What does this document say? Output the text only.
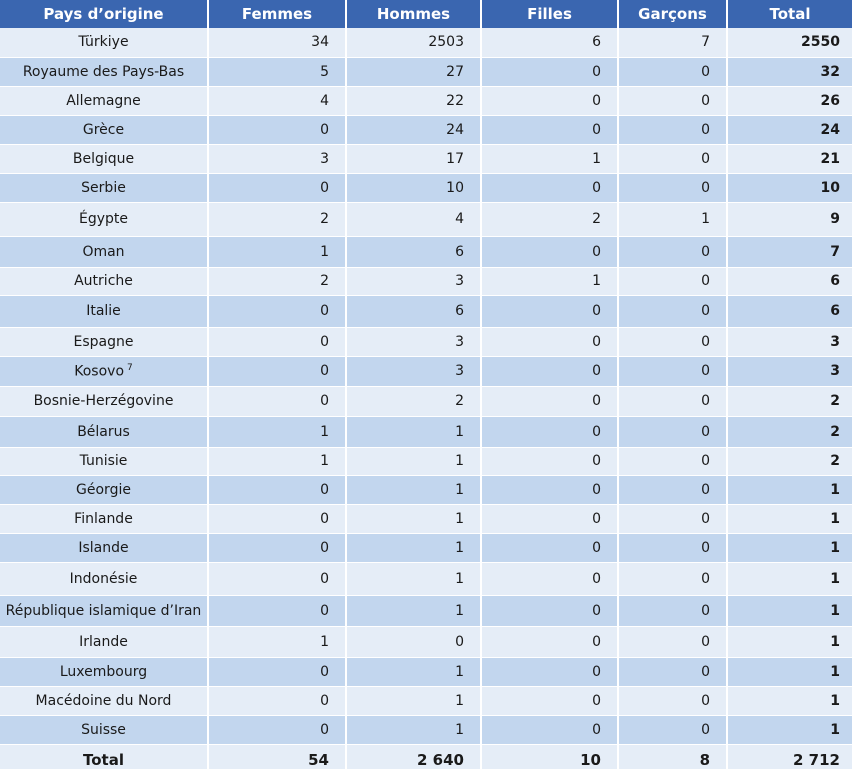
Pays d’origine	Femmes	Hommes	Filles	Garçons	Total
Türkiye	34	2503	6	7	2550
Royaume des Pays-Bas	5	27	0	0	32
Allemagne	4	22	0	0	26
Grèce	0	24	0	0	24
Belgique	3	17	1	0	21
Serbie	0	10	0	0	10
Égypte	2	4	2	1	9
Oman	1	6	0	0	7
Autriche	2	3	1	0	6
Italie	0	6	0	0	6
Espagne	0	3	0	0	3
Kosovo $^7$	0	3	0	0	3
Bosnie-Herzégovine	0	2	0	0	2
Bélarus	1	1	0	0	2
Tunisie	1	1	0	0	2
Géorgie	0	1	0	0	1
Finlande	0	1	0	0	1
Islande	0	1	0	0	1
Indonésie	0	1	0	0	1
République islamique d’Iran	0	1	0	0	1
Irlande	1	0	0	0	1
Luxembourg	0	1	0	0	1
Macédoine du Nord	0	1	0	0	1
Suisse	0	1	0	0	1
Total	54	2 640	10	8	2 712
